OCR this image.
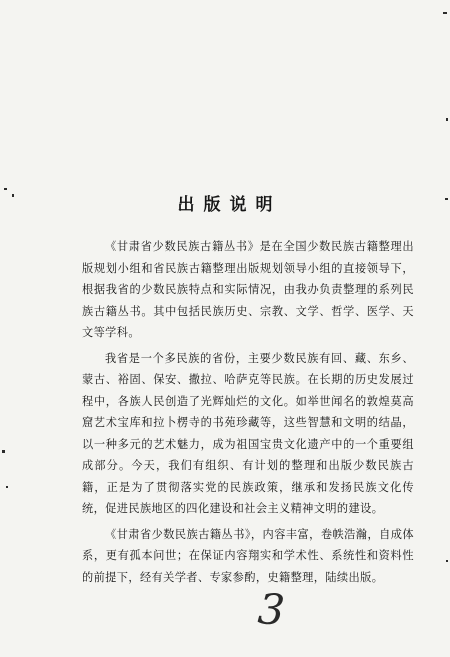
出版说明

《甘肃省少数民族古籍丛书》是在全国少数民族古籍整理出版规划小组和省民族古籍整理出版规划领导小组的直接领导下，根据我省的少数民族特点和实际情况，由我办负责整理的系列民族古籍丛书。其中包括民族历史、宗教、文学、哲学、医学、天文等学科。

我省是一个多民族的省份，主要少数民族有回、藏、东乡、蒙古、裕固、保安、撒拉、哈萨克等民族。在长期的历史发展过程中，各族人民创造了光辉灿烂的文化。如举世闻名的敦煌莫高窟艺术宝库和拉卜楞寺的书苑珍藏等，这些智慧和文明的结晶，以一种多元的艺术魅力，成为祖国宝贵文化遗产中的一个重要组成部分。今天，我们有组织、有计划的整理和出版少数民族古籍，正是为了贯彻落实党的民族政策，继承和发扬民族文化传统，促进民族地区的四化建设和社会主义精神文明的建设。

《甘肃省少数民族古籍丛书》，内容丰富，卷帙浩瀚，自成体系，更有孤本问世；在保证内容翔实和学术性、系统性和资料性的前提下，经有关学者、专家参酌，史籍整理，陆续出版。

3
